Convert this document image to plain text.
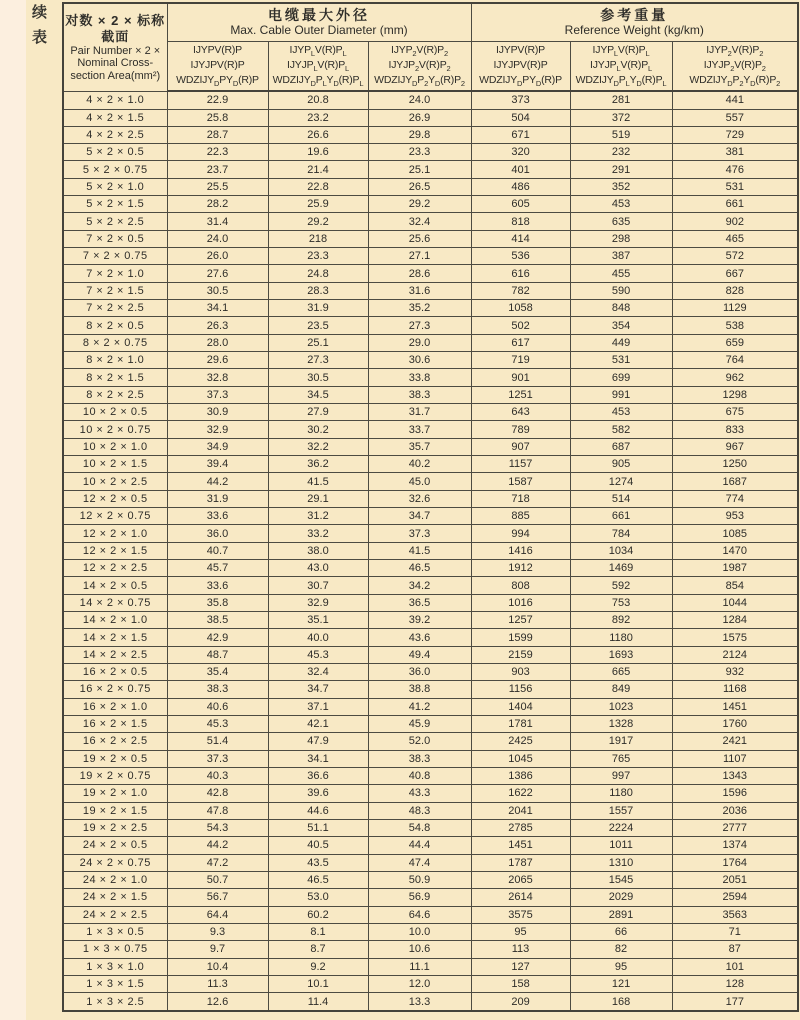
续表 对数 × 2 × 标称
截面
Pair Number × 2 ×
Nominal Cross-
section Area(mm²)

电缆最大外径
Max. Cable Outer Diameter (mm)

参考重量
Reference Weight (kg/km)

	IJYPV(R)P
IJYJPV(R)P
$WDZIJY_DPY_D(R)P$	$IJYP_LV(R)P_L$
$IJYJP_LV(R)P_L$
$WDZIJY_DP_LY_D(R)P_L$	$IJYP_2V(R)P_2$
$IJYJP_2V(R)P_2$
$WDZIJY_DP_2Y_D(R)P_2$	IJYPV(R)P
IJYJPV(R)P
$WDZIJY_DPY_D(R)P$	$IJYP_LV(R)P_L$
$IJYJP_LV(R)P_L$
$WDZIJY_DP_LY_D(R)P_L$	$IJYP_2V(R)P_2$
$IJYJP_2V(R)P_2$
$WDZIJY_DP_2Y_D(R)P_2$
4 × 2 × 1.0	22.9	20.8	24.0	373	281	441
4 × 2 × 1.5	25.8	23.2	26.9	504	372	557
4 × 2 × 2.5	28.7	26.6	29.8	671	519	729
5 × 2 × 0.5	22.3	19.6	23.3	320	232	381
5 × 2 × 0.75	23.7	21.4	25.1	401	291	476
5 × 2 × 1.0	25.5	22.8	26.5	486	352	531
5 × 2 × 1.5	28.2	25.9	29.2	605	453	661
5 × 2 × 2.5	31.4	29.2	32.4	818	635	902
7 × 2 × 0.5	24.0	218	25.6	414	298	465
7 × 2 × 0.75	26.0	23.3	27.1	536	387	572
7 × 2 × 1.0	27.6	24.8	28.6	616	455	667
7 × 2 × 1.5	30.5	28.3	31.6	782	590	828
7 × 2 × 2.5	34.1	31.9	35.2	1058	848	1129
8 × 2 × 0.5	26.3	23.5	27.3	502	354	538
8 × 2 × 0.75	28.0	25.1	29.0	617	449	659
8 × 2 × 1.0	29.6	27.3	30.6	719	531	764
8 × 2 × 1.5	32.8	30.5	33.8	901	699	962
8 × 2 × 2.5	37.3	34.5	38.3	1251	991	1298
10 × 2 × 0.5	30.9	27.9	31.7	643	453	675
10 × 2 × 0.75	32.9	30.2	33.7	789	582	833
10 × 2 × 1.0	34.9	32.2	35.7	907	687	967
10 × 2 × 1.5	39.4	36.2	40.2	1157	905	1250
10 × 2 × 2.5	44.2	41.5	45.0	1587	1274	1687
12 × 2 × 0.5	31.9	29.1	32.6	718	514	774
12 × 2 × 0.75	33.6	31.2	34.7	885	661	953
12 × 2 × 1.0	36.0	33.2	37.3	994	784	1085
12 × 2 × 1.5	40.7	38.0	41.5	1416	1034	1470
12 × 2 × 2.5	45.7	43.0	46.5	1912	1469	1987
14 × 2 × 0.5	33.6	30.7	34.2	808	592	854
14 × 2 × 0.75	35.8	32.9	36.5	1016	753	1044
14 × 2 × 1.0	38.5	35.1	39.2	1257	892	1284
14 × 2 × 1.5	42.9	40.0	43.6	1599	1180	1575
14 × 2 × 2.5	48.7	45.3	49.4	2159	1693	2124
16 × 2 × 0.5	35.4	32.4	36.0	903	665	932
16 × 2 × 0.75	38.3	34.7	38.8	1156	849	1168
16 × 2 × 1.0	40.6	37.1	41.2	1404	1023	1451
16 × 2 × 1.5	45.3	42.1	45.9	1781	1328	1760
16 × 2 × 2.5	51.4	47.9	52.0	2425	1917	2421
19 × 2 × 0.5	37.3	34.1	38.3	1045	765	1107
19 × 2 × 0.75	40.3	36.6	40.8	1386	997	1343
19 × 2 × 1.0	42.8	39.6	43.3	1622	1180	1596
19 × 2 × 1.5	47.8	44.6	48.3	2041	1557	2036
19 × 2 × 2.5	54.3	51.1	54.8	2785	2224	2777
24 × 2 × 0.5	44.2	40.5	44.4	1451	1011	1374
24 × 2 × 0.75	47.2	43.5	47.4	1787	1310	1764
24 × 2 × 1.0	50.7	46.5	50.9	2065	1545	2051
24 × 2 × 1.5	56.7	53.0	56.9	2614	2029	2594
24 × 2 × 2.5	64.4	60.2	64.6	3575	2891	3563
1 × 3 × 0.5	9.3	8.1	10.0	95	66	71
1 × 3 × 0.75	9.7	8.7	10.6	113	82	87
1 × 3 × 1.0	10.4	9.2	11.1	127	95	101
1 × 3 × 1.5	11.3	10.1	12.0	158	121	128
1 × 3 × 2.5	12.6	11.4	13.3	209	168	177
